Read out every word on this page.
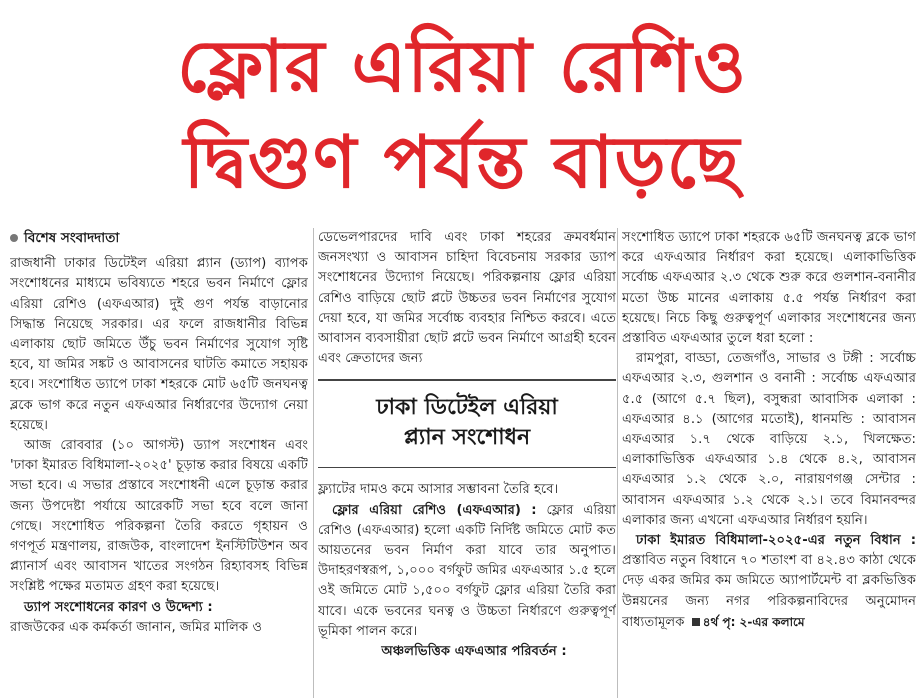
ফ্লোর এরিয়া রেশিও
দ্বিগুণ পর্যন্ত বাড়ছে
বিশেষ সংবাদদাতা

রাজধানী ঢাকার ডিটেইল এরিয়া প্ল্যান (ড্যাপ) ব্যাপক সংশোধনের মাধ্যমে ভবিষ্যতে শহরে ভবন নির্মাণে ফ্লোর এরিয়া রেশিও (এফএআর) দুই গুণ পর্যন্ত বাড়ানোর সিদ্ধান্ত নিয়েছে সরকার। এর ফলে রাজধানীর বিভিন্ন এলাকায় ছোট জমিতে উঁচু ভবন নির্মাণের সুযোগ সৃষ্টি হবে, যা জমির সঙ্কট ও আবাসনের ঘাটতি কমাতে সহায়ক হবে। সংশোধিত ড্যাপে ঢাকা শহরকে মোট ৬৫টি জনঘনত্ব ব্লকে ভাগ করে নতুন এফএআর নির্ধারণের উদ্যোগ নেয়া হয়েছে।

আজ রোববার (১০ আগস্ট) ড্যাপ সংশোধন এবং 'ঢাকা ইমারত বিধিমালা-২০২৫' চূড়ান্ত করার বিষয়ে একটি সভা হবে। এ সভার প্রস্তাবে সংশোধনী এলে চূড়ান্ত করার জন্য উপদেষ্টা পর্যায়ে আরেকটি সভা হবে বলে জানা গেছে। সংশোধিত পরিকল্পনা তৈরি করতে গৃহায়ন ও গণপূর্ত মন্ত্রণালয়, রাজউক, বাংলাদেশ ইনস্টিটিউশন অব প্ল্যানার্স এবং আবাসন খাতের সংগঠন রিহ্যাবসহ বিভিন্ন সংশ্লিষ্ট পক্ষের মতামত গ্রহণ করা হয়েছে।

ড্যাপ সংশোধনের কারণ ও উদ্দেশ্য :

রাজউকের এক কর্মকর্তা জানান, জমির মালিক ও

ডেভেলপারদের দাবি এবং ঢাকা শহরের ক্রমবর্ধমান জনসংখ্যা ও আবাসন চাহিদা বিবেচনায় সরকার ড্যাপ সংশোধনের উদ্যোগ নিয়েছে। পরিকল্পনায় ফ্লোর এরিয়া রেশিও বাড়িয়ে ছোট প্লটে উচ্চতর ভবন নির্মাণের সুযোগ দেয়া হবে, যা জমির সর্বোচ্চ ব্যবহার নিশ্চিত করবে। এতে আবাসন ব্যবসায়ীরা ছোট প্লটে ভবন নির্মাণে আগ্রহী হবেন এবং ক্রেতাদের জন্য

ঢাকা ডিটেইল এরিয়া
প্ল্যান সংশোধন

ফ্ল্যাটের দামও কমে আসার সম্ভাবনা তৈরি হবে।

ফ্লোর এরিয়া রেশিও (এফএআর) : ফ্লোর এরিয়া রেশিও (এফএআর) হলো একটি নির্দিষ্ট জমিতে মোট কত আয়তনের ভবন নির্মাণ করা যাবে তার অনুপাত। উদাহরণস্বরূপ, ১,০০০ বর্গফুট জমির এফএআর ১.৫ হলে ওই জমিতে মোট ১,৫০০ বর্গফুট ফ্লোর এরিয়া তৈরি করা যাবে। একে ভবনের ঘনত্ব ও উচ্চতা নির্ধারণে গুরুত্বপূর্ণ ভূমিকা পালন করে।

অঞ্চলভিত্তিক এফএআর পরিবর্তন :

সংশোধিত ড্যাপে ঢাকা শহরকে ৬৫টি জনঘনত্ব ব্লকে ভাগ করে এফএআর নির্ধারণ করা হয়েছে। এলাকাভিত্তিক সর্বোচ্চ এফএআর ২.৩ থেকে শুরু করে গুলশান-বনানীর মতো উচ্চ মানের এলাকায় ৫.৫ পর্যন্ত নির্ধারণ করা হয়েছে। নিচে কিছু গুরুত্বপূর্ণ এলাকার সংশোধনের জন্য প্রস্তাবিত এফএআর তুলে ধরা হলো :

রামপুরা, বাড্ডা, তেজগাঁও, সাভার ও টঙ্গী : সর্বোচ্চ এফএআর ২.৩, গুলশান ও বনানী : সর্বোচ্চ এফএআর ৫.৫ (আগে ৫.৭ ছিল), বসুন্ধরা আবাসিক এলাকা : এফএআর ৪.১ (আগের মতোই), ধানমন্ডি : আবাসন এফএআর ১.৭ থেকে বাড়িয়ে ২.১, খিলক্ষেত: এলাকাভিত্তিক এফএআর ১.৪ থেকে ৪.২, আবাসন এফএআর ১.২ থেকে ২.০, নারায়ণগঞ্জ সেন্টার : আবাসন এফএআর ১.২ থেকে ২.১। তবে বিমানবন্দর এলাকার জন্য এখনো এফএআর নির্ধারণ হয়নি।

ঢাকা ইমারত বিধিমালা-২০২৫-এর নতুন বিধান : প্রস্তাবিত নতুন বিধানে ৭০ শতাংশ বা ৪২.৪৩ কাঠা থেকে দেড় একর জমির কম জমিতে অ্যাপার্টমেন্ট বা ব্লকভিত্তিক উন্নয়নের জন্য নগর পরিকল্পনাবিদের অনুমোদন বাধ্যতামূলক ৪র্থ পৃ: ২-এর কলামে
